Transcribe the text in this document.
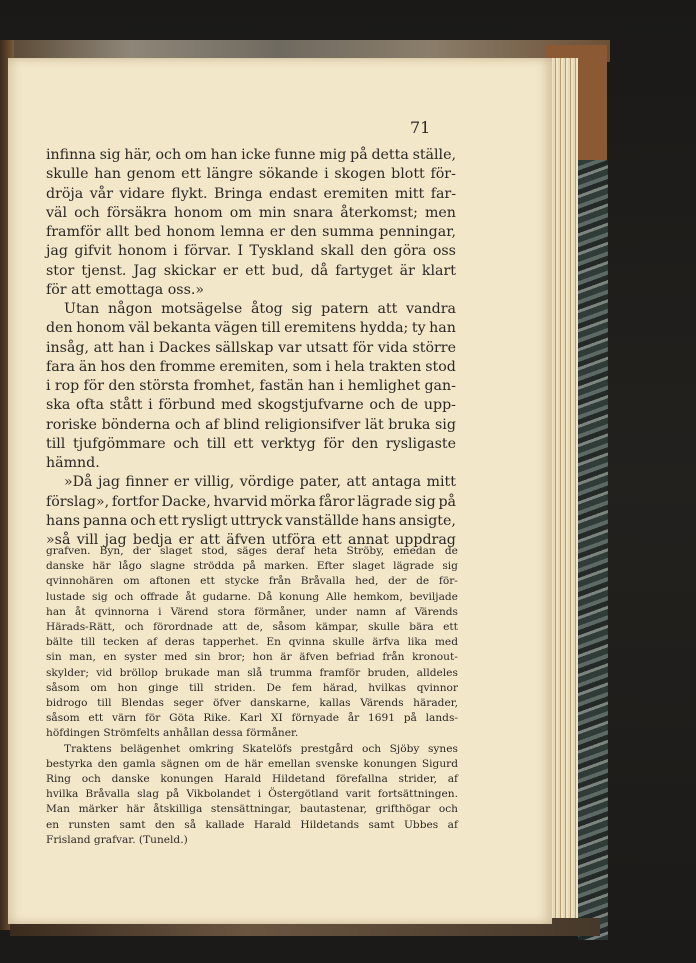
71
infinna sig här, och om han icke funne mig på detta ställe,
skulle han genom ett längre sökande i skogen blott för-
dröja vår vidare flykt. Bringa endast eremiten mitt far-
väl och försäkra honom om min snara återkomst; men
framför allt bed honom lemna er den summa penningar,
jag gifvit honom i förvar. I Tyskland skall den göra oss
stor tjenst. Jag skickar er ett bud, då fartyget är klart
för att emottaga oss.»
Utan någon motsägelse åtog sig patern att vandra
den honom väl bekanta vägen till eremitens hydda; ty han
insåg, att han i Dackes sällskap var utsatt för vida större
fara än hos den fromme eremiten, som i hela trakten stod
i rop för den största fromhet, fastän han i hemlighet gan-
ska ofta stått i förbund med skogstjufvarne och de upp-
roriske bönderna och af blind religionsifver lät bruka sig
till tjufgömmare och till ett verktyg för den rysligaste
hämnd.
»Då jag finner er villig, vördige pater, att antaga mitt
förslag», fortfor Dacke, hvarvid mörka fåror lägrade sig på
hans panna och ett rysligt uttryck vanställde hans ansigte,
»så vill jag bedja er att äfven utföra ett annat uppdrag
grafven. Byn, der slaget stod, säges deraf heta Ströby, emedan de
danske här lågo slagne strödda på marken. Efter slaget lägrade sig
qvinnohären om aftonen ett stycke från Bråvalla hed, der de för-
lustade sig och offrade åt gudarne. Då konung Alle hemkom, beviljade
han åt qvinnorna i Värend stora förmåner, under namn af Värends
Härads-Rätt, och förordnade att de, såsom kämpar, skulle bära ett
bälte till tecken af deras tapperhet. En qvinna skulle ärfva lika med
sin man, en syster med sin bror; hon är äfven befriad från kronout-
skylder; vid bröllop brukade man slå trumma framför bruden, alldeles
såsom om hon ginge till striden. De fem härad, hvilkas qvinnor
bidrogo till Blendas seger öfver danskarne, kallas Värends härader,
såsom ett värn för Göta Rike. Karl XI förnyade år 1691 på lands-
höfdingen Strömfelts anhållan dessa förmåner.
Traktens belägenhet omkring Skatelöfs prestgård och Sjöby synes
bestyrka den gamla sägnen om de här emellan svenske konungen Sigurd
Ring och danske konungen Harald Hildetand förefallna strider, af
hvilka Bråvalla slag på Vikbolandet i Östergötland varit fortsättningen.
Man märker här åtskilliga stensättningar, bautastenar, grifthögar och
en runsten samt den så kallade Harald Hildetands samt Ubbes af
Frisland grafvar. (Tuneld.)
